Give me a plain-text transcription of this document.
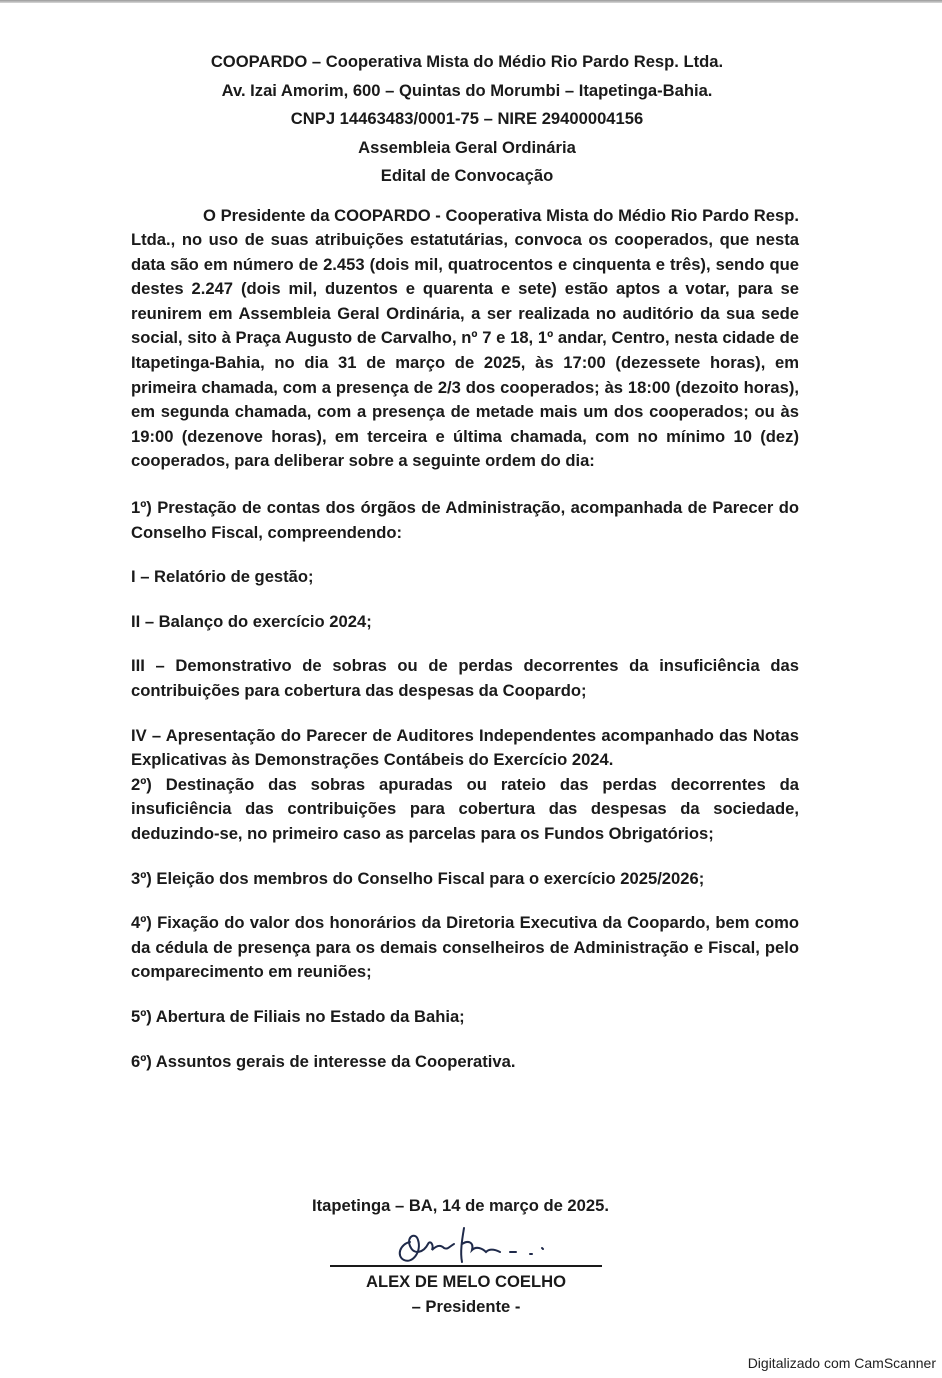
COOPARDO – Cooperativa Mista do Médio Rio Pardo Resp. Ltda.
Av. Izai Amorim, 600 – Quintas do Morumbi – Itapetinga-Bahia.
CNPJ 14463483/0001-75 – NIRE 29400004156
Assembleia Geral Ordinária
Edital de Convocação
O Presidente da COOPARDO - Cooperativa Mista do Médio Rio Pardo Resp. Ltda., no uso de suas atribuições estatutárias, convoca os cooperados, que nesta data são em número de 2.453 (dois mil, quatrocentos e cinquenta e três), sendo que destes 2.247 (dois mil, duzentos e quarenta e sete) estão aptos a votar, para se reunirem em Assembleia Geral Ordinária, a ser realizada no auditório da sua sede social, sito à Praça Augusto de Carvalho, nº 7 e 18, 1º andar, Centro, nesta cidade de Itapetinga-Bahia, no dia 31 de março de 2025, às 17:00 (dezessete horas), em primeira chamada, com a presença de 2/3 dos cooperados; às 18:00 (dezoito horas), em segunda chamada, com a presença de metade mais um dos cooperados; ou às 19:00 (dezenove horas), em terceira e última chamada, com no mínimo 10 (dez) cooperados, para deliberar sobre a seguinte ordem do dia:
1º) Prestação de contas dos órgãos de Administração, acompanhada de Parecer do Conselho Fiscal, compreendendo:
I – Relatório de gestão;
II – Balanço do exercício 2024;
III – Demonstrativo de sobras ou de perdas decorrentes da insuficiência das contribuições para cobertura das despesas da Coopardo;
IV – Apresentação do Parecer de Auditores Independentes acompanhado das Notas Explicativas às Demonstrações Contábeis do Exercício 2024.
2º) Destinação das sobras apuradas ou rateio das perdas decorrentes da insuficiência das contribuições para cobertura das despesas da sociedade, deduzindo-se, no primeiro caso as parcelas para os Fundos Obrigatórios;
3º) Eleição dos membros do Conselho Fiscal para o exercício 2025/2026;
4º) Fixação do valor dos honorários da Diretoria Executiva da Coopardo, bem como da cédula de presença para os demais conselheiros de Administração e Fiscal, pelo comparecimento em reuniões;
5º) Abertura de Filiais no Estado da Bahia;
6º) Assuntos gerais de interesse da Cooperativa.
Itapetinga – BA, 14 de março de 2025.
ALEX DE MELO COELHO
– Presidente -
Digitalizado com CamScanner
